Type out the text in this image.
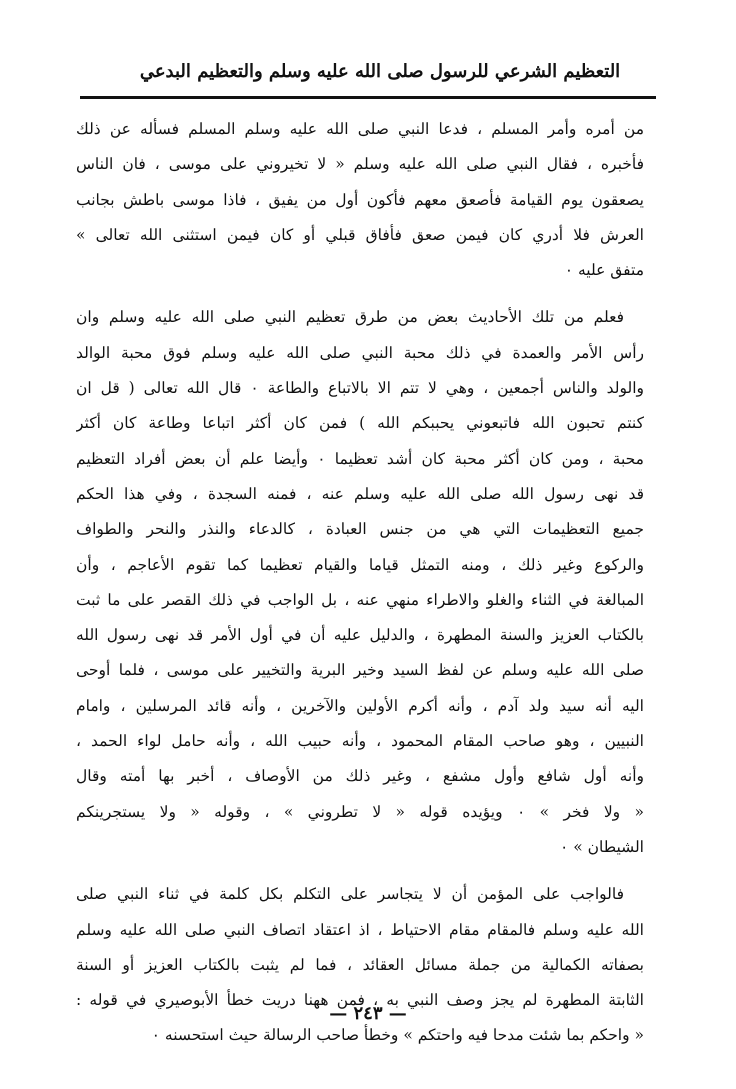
التعظيم الشرعي للرسول صلى الله عليه وسلم والتعظيم البدعي
من أمره وأمر المسلم ، فدعا النبي صلى الله عليه وسلم المسلم فسأله عن ذلك
فأخبره ، فقال النبي صلى الله عليه وسلم « لا تخيروني على موسى ، فان الناس
يصعقون يوم القيامة فأصعق معهم فأكون أول من يفيق ، فاذا موسى باطش بجانب
العرش فلا أدري كان فيمن صعق فأفاق قبلي أو كان فيمن استثنى الله تعالى »
متفق عليه ٠
فعلم من تلك الأحاديث بعض من طرق تعظيم النبي صلى الله عليه وسلم وان
رأس الأمر والعمدة في ذلك محبة النبي صلى الله عليه وسلم فوق محبة الوالد
والولد والناس أجمعين ، وهي لا تتم الا بالاتباع والطاعة ٠ قال الله تعالى ( قل ان
كنتم تحبون الله فاتبعوني يحببكم الله ) فمن كان أكثر اتباعا وطاعة كان أكثر
محبة ، ومن كان أكثر محبة كان أشد تعظيما ٠ وأيضا علم أن بعض أفراد التعظيم
قد نهى رسول الله صلى الله عليه وسلم عنه ، فمنه السجدة ، وفي هذا الحكم
جميع التعظيمات التي هي من جنس العبادة ، كالدعاء والنذر والنحر والطواف
والركوع وغير ذلك ، ومنه التمثل قياما والقيام تعظيما كما تقوم الأعاجم ، وأن
المبالغة في الثناء والغلو والاطراء منهي عنه ، بل الواجب في ذلك القصر على ما ثبت
بالكتاب العزيز والسنة المطهرة ، والدليل عليه أن في أول الأمر قد نهى رسول الله
صلى الله عليه وسلم عن لفظ السيد وخير البرية والتخيير على موسى ، فلما أوحى
اليه أنه سيد ولد آدم ، وأنه أكرم الأولين والآخرين ، وأنه قائد المرسلين ، وامام
النبيين ، وهو صاحب المقام المحمود ، وأنه حبيب الله ، وأنه حامل لواء الحمد ،
وأنه أول شافع وأول مشفع ، وغير ذلك من الأوصاف ، أخبر بها أمته وقال
« ولا فخر » ٠ ويؤيده قوله « لا تطروني » ، وقوله « ولا يستجرينكم
الشيطان » ٠
فالواجب على المؤمن أن لا يتجاسر على التكلم بكل كلمة في ثناء النبي صلى
الله عليه وسلم فالمقام مقام الاحتياط ، اذ اعتقاد اتصاف النبي صلى الله عليه وسلم
بصفاته الكمالية من جملة مسائل العقائد ، فما لم يثبت بالكتاب العزيز أو السنة
الثابتة المطهرة لم يجز وصف النبي به ، فمن ههنا دريت خطأ الأبوصيري في قوله :
« واحكم بما شئت مدحا فيه واحتكم » وخطأ صاحب الرسالة حيث استحسنه ٠
— ٢٤٣ —
